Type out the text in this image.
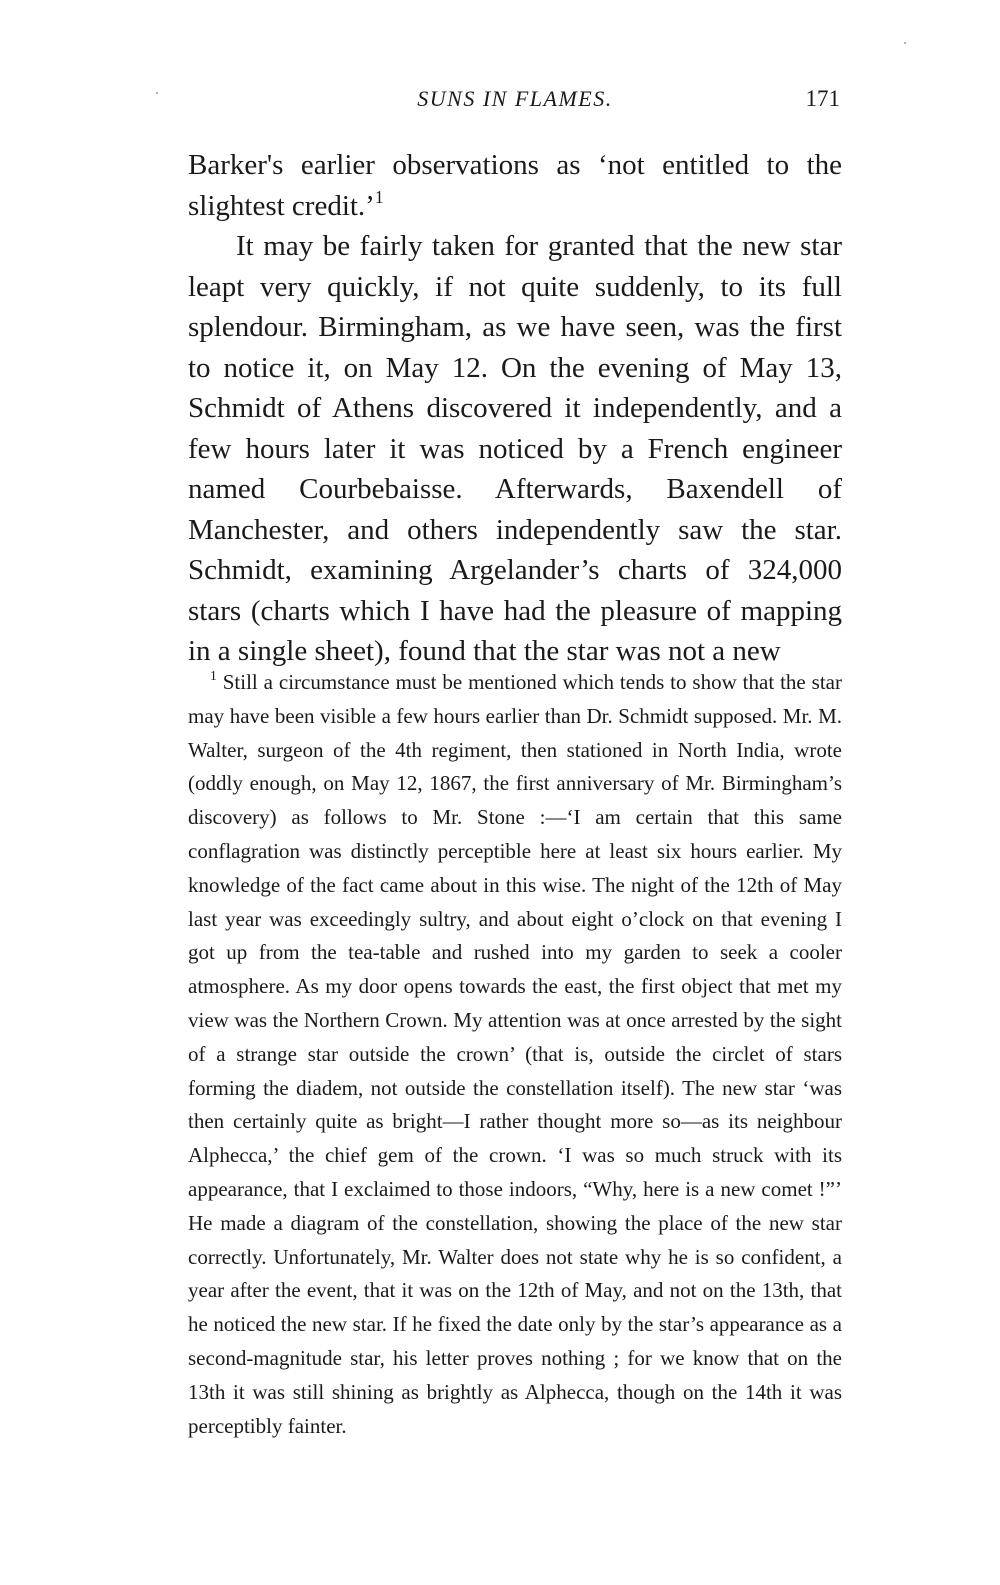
SUNS IN FLAMES.	171

Barker's earlier observations as ‘not entitled to the slightest credit.’$^1$

It may be fairly taken for granted that the new star leapt very quickly, if not quite suddenly, to its full splendour. Birmingham, as we have seen, was the first to notice it, on May 12. On the evening of May 13, Schmidt of Athens discovered it independently, and a few hours later it was noticed by a French engineer named Courbebaisse. Afterwards, Baxendell of Manchester, and others independently saw the star. Schmidt, examining Argelander’s charts of 324,000 stars (charts which I have had the pleasure of mapping in a single sheet), found that the star was not a new

$^1$ Still a circumstance must be mentioned which tends to show that the star may have been visible a few hours earlier than Dr. Schmidt supposed. Mr. M. Walter, surgeon of the 4th regiment, then stationed in North India, wrote (oddly enough, on May 12, 1867, the first anniversary of Mr. Birmingham’s discovery) as follows to Mr. Stone :—‘I am certain that this same conflagration was distinctly perceptible here at least six hours earlier. My knowledge of the fact came about in this wise. The night of the 12th of May last year was exceedingly sultry, and about eight o’clock on that evening I got up from the tea-table and rushed into my garden to seek a cooler atmosphere. As my door opens towards the east, the first object that met my view was the Northern Crown. My attention was at once arrested by the sight of a strange star outside the crown’ (that is, outside the circlet of stars forming the diadem, not outside the constellation itself). The new star ‘was then certainly quite as bright—I rather thought more so—as its neighbour Alphecca,’ the chief gem of the crown. ‘I was so much struck with its appearance, that I exclaimed to those indoors, “Why, here is a new comet !”’ He made a diagram of the constellation, showing the place of the new star correctly. Unfortunately, Mr. Walter does not state why he is so confident, a year after the event, that it was on the 12th of May, and not on the 13th, that he noticed the new star. If he fixed the date only by the star’s appearance as a second-magnitude star, his letter proves nothing ; for we know that on the 13th it was still shining as brightly as Alphecca, though on the 14th it was perceptibly fainter.
